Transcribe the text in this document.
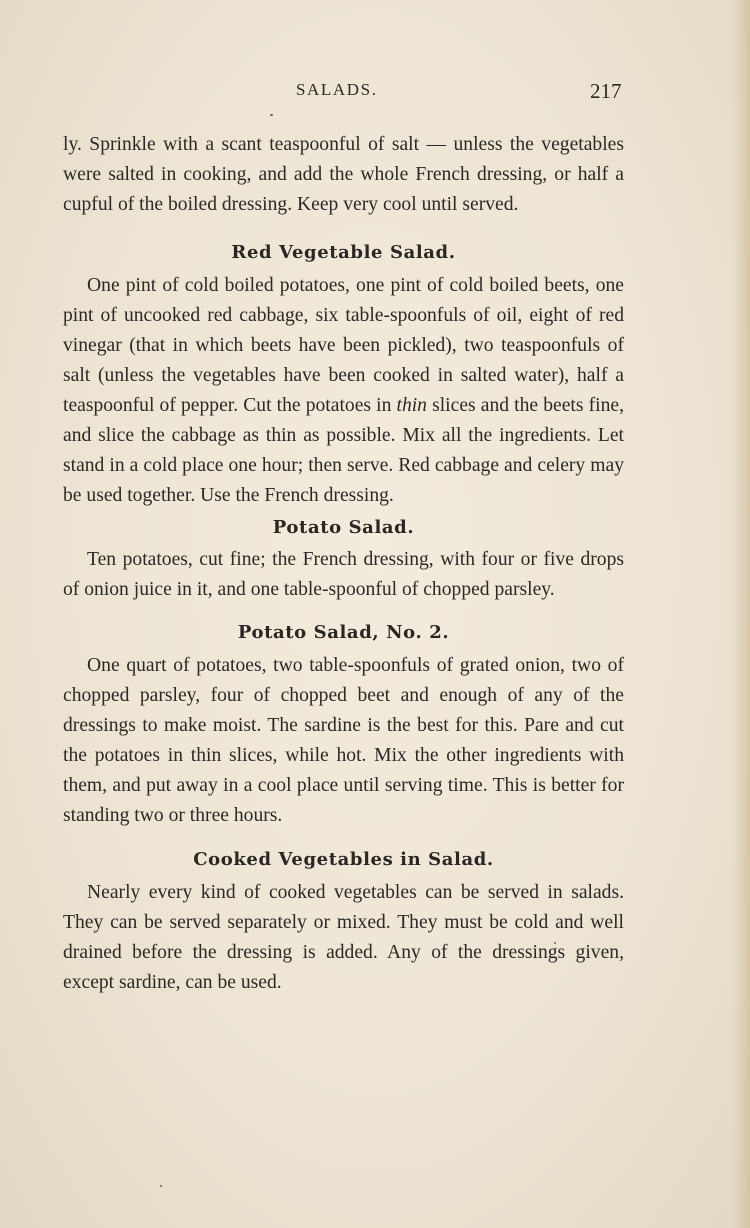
SALADS.	217

ly. Sprinkle with a scant teaspoonful of salt — unless the vegetables were salted in cooking, and add the whole French dressing, or half a cupful of the boiled dressing. Keep very cool until served.

Red Vegetable Salad.

One pint of cold boiled potatoes, one pint of cold boiled beets, one pint of uncooked red cabbage, six table-spoonfuls of oil, eight of red vinegar (that in which beets have been pickled), two teaspoonfuls of salt (unless the vegetables have been cooked in salted water), half a teaspoonful of pepper. Cut the potatoes in thin slices and the beets fine, and slice the cabbage as thin as possible. Mix all the ingredients. Let stand in a cold place one hour; then serve. Red cabbage and celery may be used together. Use the French dressing.

Potato Salad.

Ten potatoes, cut fine; the French dressing, with four or five drops of onion juice in it, and one table-spoonful of chopped parsley.

Potato Salad, No. 2.

One quart of potatoes, two table-spoonfuls of grated onion, two of chopped parsley, four of chopped beet and enough of any of the dressings to make moist. The sardine is the best for this. Pare and cut the potatoes in thin slices, while hot. Mix the other ingredients with them, and put away in a cool place until serving time. This is better for standing two or three hours.

Cooked Vegetables in Salad.

Nearly every kind of cooked vegetables can be served in salads. They can be served separately or mixed. They must be cold and well drained before the dressing is added. Any of the dressings given, except sardine, can be used.
